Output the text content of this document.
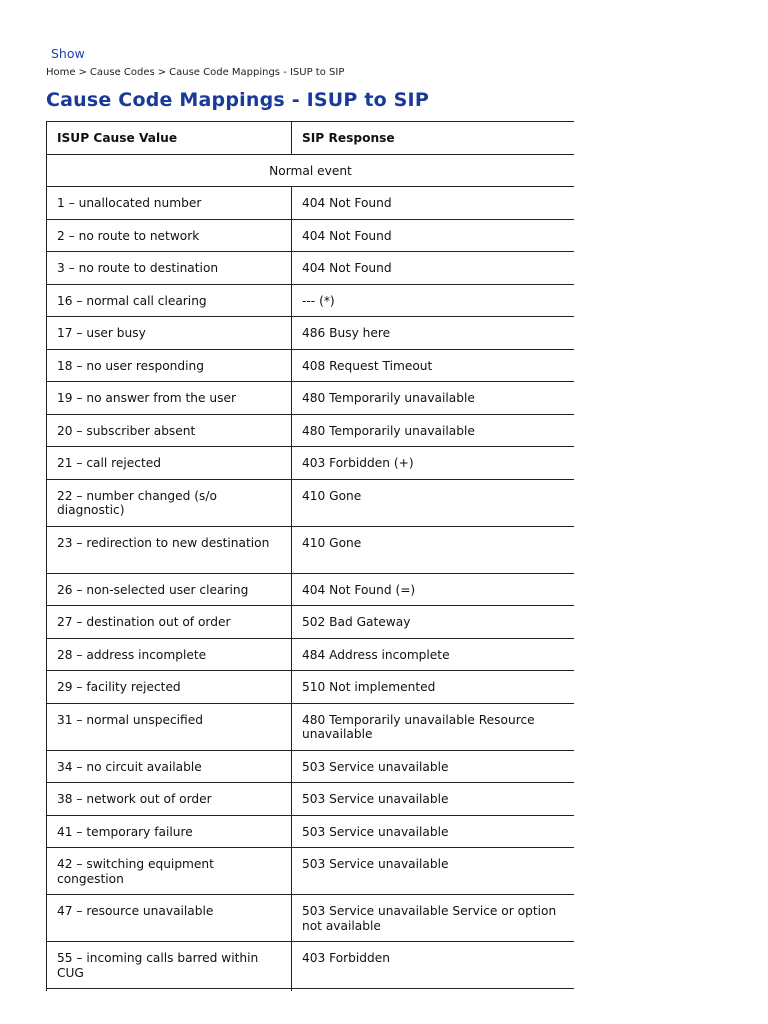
Show
Home > Cause Codes > Cause Code Mappings - ISUP to SIP
Cause Code Mappings - ISUP to SIP
ISUP Cause Value	SIP Response
Normal event	
1 – unallocated number	404 Not Found
2 – no route to network	404 Not Found
3 – no route to destination	404 Not Found
16 – normal call clearing	--- (*)
17 – user busy	486 Busy here
18 – no user responding	408 Request Timeout
19 – no answer from the user	480 Temporarily unavailable
20 – subscriber absent	480 Temporarily unavailable
21 – call rejected	403 Forbidden (+)
22 – number changed (s/o diagnostic)	410 Gone
23 – redirection to new destination	410 Gone
26 – non-selected user clearing	404 Not Found (=)
27 – destination out of order	502 Bad Gateway
28 – address incomplete	484 Address incomplete
29 – facility rejected	510 Not implemented
31 – normal unspecified	480 Temporarily unavailable Resource unavailable
34 – no circuit available	503 Service unavailable
38 – network out of order	503 Service unavailable
41 – temporary failure	503 Service unavailable
42 – switching equipment congestion	503 Service unavailable
47 – resource unavailable	503 Service unavailable Service or option not available
55 – incoming calls barred within CUG	403 Forbidden
